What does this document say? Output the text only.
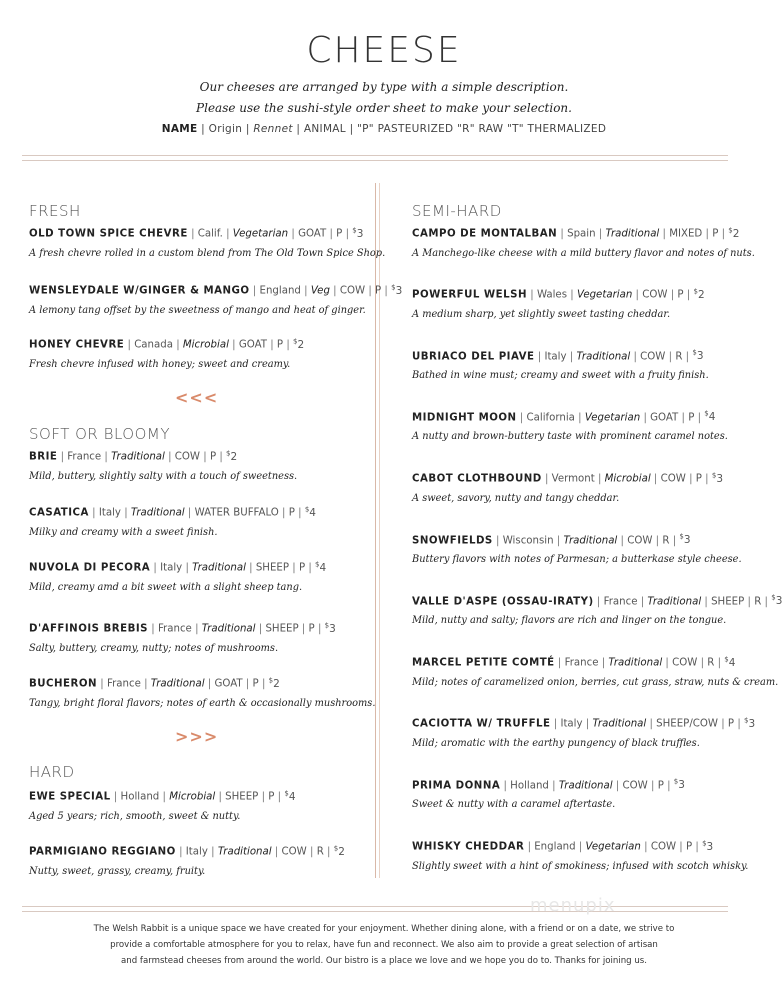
CHEESE
Our cheeses are arranged by type with a simple description.
Please use the sushi-style order sheet to make your selection.
NAME | Origin | Rennet | ANIMAL | "P" PASTEURIZED "R" RAW "T" THERMALIZED
FRESH
OLD TOWN SPICE CHEVRE | Calif. | Vegetarian | GOAT | P | $3
A fresh chevre rolled in a custom blend from The Old Town Spice Shop.
WENSLEYDALE W/GINGER & MANGO | England | Veg | COW | P | $3
A lemony tang offset by the sweetness of mango and heat of ginger.
HONEY CHEVRE | Canada | Microbial | GOAT | P | $2
Fresh chevre infused with honey; sweet and creamy.
<<<
SOFT OR BLOOMY
BRIE | France | Traditional | COW | P | $2
Mild, buttery, slightly salty with a touch of sweetness.
CASATICA | Italy | Traditional | WATER BUFFALO | P | $4
Milky and creamy with a sweet finish.
NUVOLA DI PECORA | Italy | Traditional | SHEEP | P | $4
Mild, creamy amd a bit sweet with a slight sheep tang.
D'AFFINOIS BREBIS | France | Traditional | SHEEP | P | $3
Salty, buttery, creamy, nutty; notes of mushrooms.
BUCHERON | France | Traditional | GOAT | P | $2
Tangy, bright floral flavors; notes of earth & occasionally mushrooms.
>>>
HARD
EWE SPECIAL | Holland | Microbial | SHEEP | P | $4
Aged 5 years; rich, smooth, sweet & nutty.
PARMIGIANO REGGIANO | Italy | Traditional | COW | R | $2
Nutty, sweet, grassy, creamy, fruity.
SEMI-HARD
CAMPO DE MONTALBAN | Spain | Traditional | MIXED | P | $2
A Manchego-like cheese with a mild buttery flavor and notes of nuts.
POWERFUL WELSH | Wales | Vegetarian | COW | P | $2
A medium sharp, yet slightly sweet tasting cheddar.
UBRIACO DEL PIAVE | Italy | Traditional | COW | R | $3
Bathed in wine must; creamy and sweet with a fruity finish.
MIDNIGHT MOON | California | Vegetarian | GOAT | P | $4
A nutty and brown-buttery taste with prominent caramel notes.
CABOT CLOTHBOUND | Vermont | Microbial | COW | P | $3
A sweet, savory, nutty and tangy cheddar.
SNOWFIELDS | Wisconsin | Traditional | COW | R | $3
Buttery flavors with notes of Parmesan; a butterkase style cheese.
VALLE D'ASPE (OSSAU-IRATY) | France | Traditional | SHEEP | R | $3
Mild, nutty and salty; flavors are rich and linger on the tongue.
MARCEL PETITE COMTÉ | France | Traditional | COW | R | $4
Mild; notes of caramelized onion, berries, cut grass, straw, nuts & cream.
CACIOTTA W/ TRUFFLE | Italy | Traditional | SHEEP/COW | P | $3
Mild; aromatic with the earthy pungency of black truffles.
PRIMA DONNA | Holland | Traditional | COW | P | $3
Sweet & nutty with a caramel aftertaste.
WHISKY CHEDDAR | England | Vegetarian | COW | P | $3
Slightly sweet with a hint of smokiness; infused with scotch whisky.
menupix
The Welsh Rabbit is a unique space we have created for your enjoyment. Whether dining alone, with a friend or on a date, we strive to
provide a comfortable atmosphere for you to relax, have fun and reconnect. We also aim to provide a great selection of artisan
and farmstead cheeses from around the world. Our bistro is a place we love and we hope you do to. Thanks for joining us.
